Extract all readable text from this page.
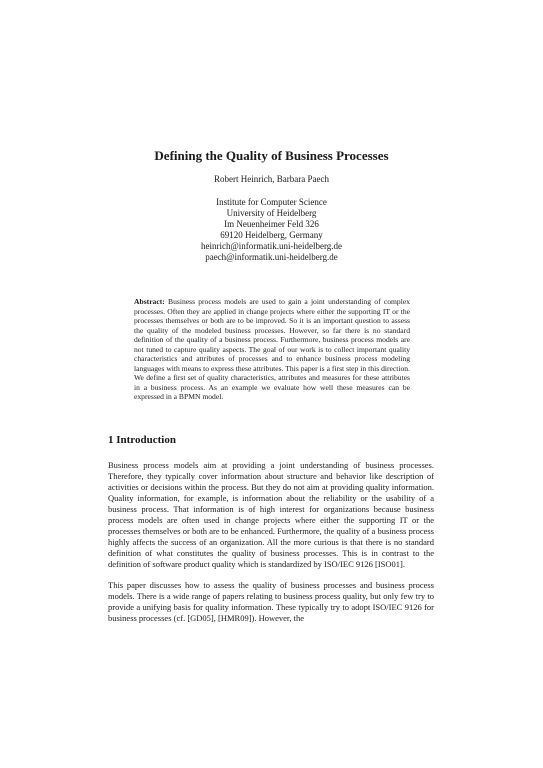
Defining the Quality of Business Processes
Robert Heinrich, Barbara Paech
Institute for Computer Science
University of Heidelberg
Im Neuenheimer Feld 326
69120 Heidelberg, Germany
heinrich@informatik.uni-heidelberg.de
paech@informatik.uni-heidelberg.de
Abstract: Business process models are used to gain a joint understanding of complex processes. Often they are applied in change projects where either the supporting IT or the processes themselves or both are to be improved. So it is an important question to assess the quality of the modeled business processes. However, so far there is no standard definition of the quality of a business process. Furthermore, business process models are not tuned to capture quality aspects. The goal of our work is to collect important quality characteristics and attributes of processes and to enhance business process modeling languages with means to express these attributes. This paper is a first step in this direction. We define a first set of quality characteristics, attributes and measures for these attributes in a business process. As an example we evaluate how well these measures can be expressed in a BPMN model.
1 Introduction
Business process models aim at providing a joint understanding of business processes. Therefore, they typically cover information about structure and behavior like description of activities or decisions within the process. But they do not aim at providing quality information. Quality information, for example, is information about the reliability or the usability of a business process. That information is of high interest for organizations because business process models are often used in change projects where either the supporting IT or the processes themselves or both are to be enhanced. Furthermore, the quality of a business process highly affects the success of an organization. All the more curious is that there is no standard definition of what constitutes the quality of business processes. This is in contrast to the definition of software product quality which is standardized by ISO/IEC 9126 [ISO01].
This paper discusses how to assess the quality of business processes and business process models. There is a wide range of papers relating to business process quality, but only few try to provide a unifying basis for quality information. These typically try to adopt ISO/IEC 9126 for business processes (cf. [GD05], [HMR09]). However, the
